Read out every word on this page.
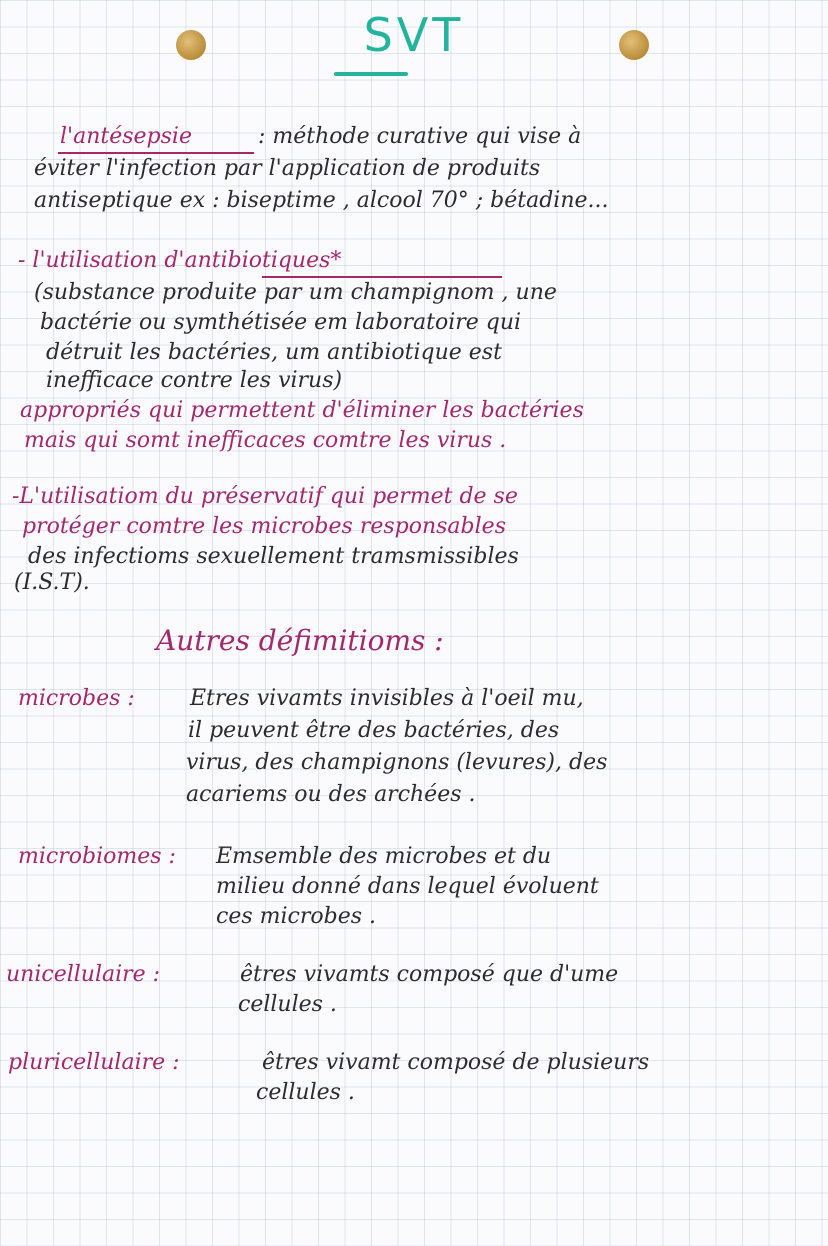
SVT
l'antésepsie	: méthode curative qui vise à
éviter l'infection par l'application de produits
antiseptique ex : biseptime , alcool 70° ; bétadine...
- l'utilisation d'antibiotiques*
(substance produite par um champignom , une
bactérie ou symthétisée em laboratoire qui
détruit les bactéries, um antibiotique est
inefficace contre les virus)
appropriés qui permettent d'éliminer les bactéries
mais qui somt inefficaces comtre les virus .
-L'utilisatiom du préservatif qui permet de se
protéger comtre les microbes responsables
des infectioms sexuellement tramsmissibles
(I.S.T).
Autres défimitioms :
microbes :	Etres vivamts invisibles à l'oeil mu,
il peuvent être des bactéries, des
virus, des champignons (levures), des
acariems ou des archées .
microbiomes : Emsemble des microbes et du
milieu donné dans lequel évoluent
ces microbes .
unicellulaire :	êtres vivamts composé que d'ume
cellules .
pluricellulaire :	êtres vivamt composé de plusieurs
cellules .
